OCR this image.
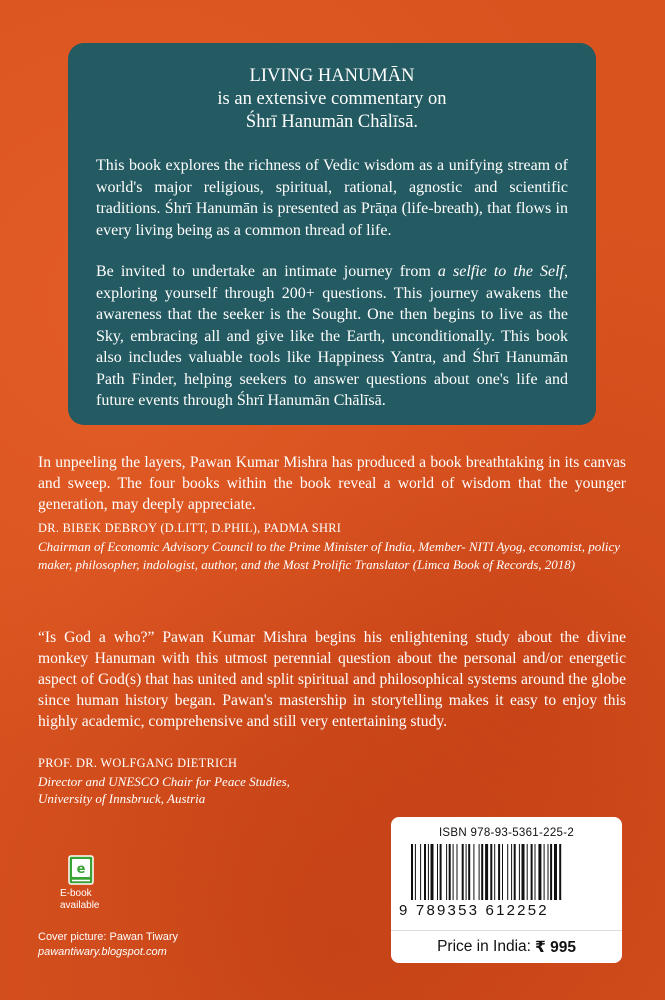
LIVING HANUMĀN
is an extensive commentary on
Śhrī Hanumān Chālīsā.

This book explores the richness of Vedic wisdom as a unifying stream of world's major religious, spiritual, rational, agnostic and scientific traditions. Śhrī Hanumān is presented as Prāṇa (life-breath), that flows in every living being as a common thread of life.

Be invited to undertake an intimate journey from a selfie to the Self, exploring yourself through 200+ questions. This journey awakens the awareness that the seeker is the Sought. One then begins to live as the Sky, embracing all and give like the Earth, unconditionally. This book also includes valuable tools like Happiness Yantra, and Śhrī Hanumān Path Finder, helping seekers to answer questions about one's life and future events through Śhrī Hanumān Chālīsā.

In unpeeling the layers, Pawan Kumar Mishra has produced a book breathtaking in its canvas and sweep. The four books within the book reveal a world of wisdom that the younger generation, may deeply appreciate.
DR. BIBEK DEBROY (D.LITT, D.PHIL), PADMA SHRI
Chairman of Economic Advisory Council to the Prime Minister of India, Member- NITI Ayog, economist, policy maker, philosopher, indologist, author, and the Most Prolific Translator (Limca Book of Records, 2018)
“Is God a who?” Pawan Kumar Mishra begins his enlightening study about the divine monkey Hanuman with this utmost perennial question about the personal and/or energetic aspect of God(s) that has united and split spiritual and philosophical systems around the globe since human history began. Pawan's mastership in storytelling makes it easy to enjoy this highly academic, comprehensive and still very entertaining study.
PROF. DR. WOLFGANG DIETRICH
Director and UNESCO Chair for Peace Studies,
University of Innsbruck, Austria
e
E-book
available
Cover picture: Pawan Tiwary
pawantiwary.blogspot.com
ISBN 978-93-5361-225-2
9 789353 612252
Price in India: ₹ 995
